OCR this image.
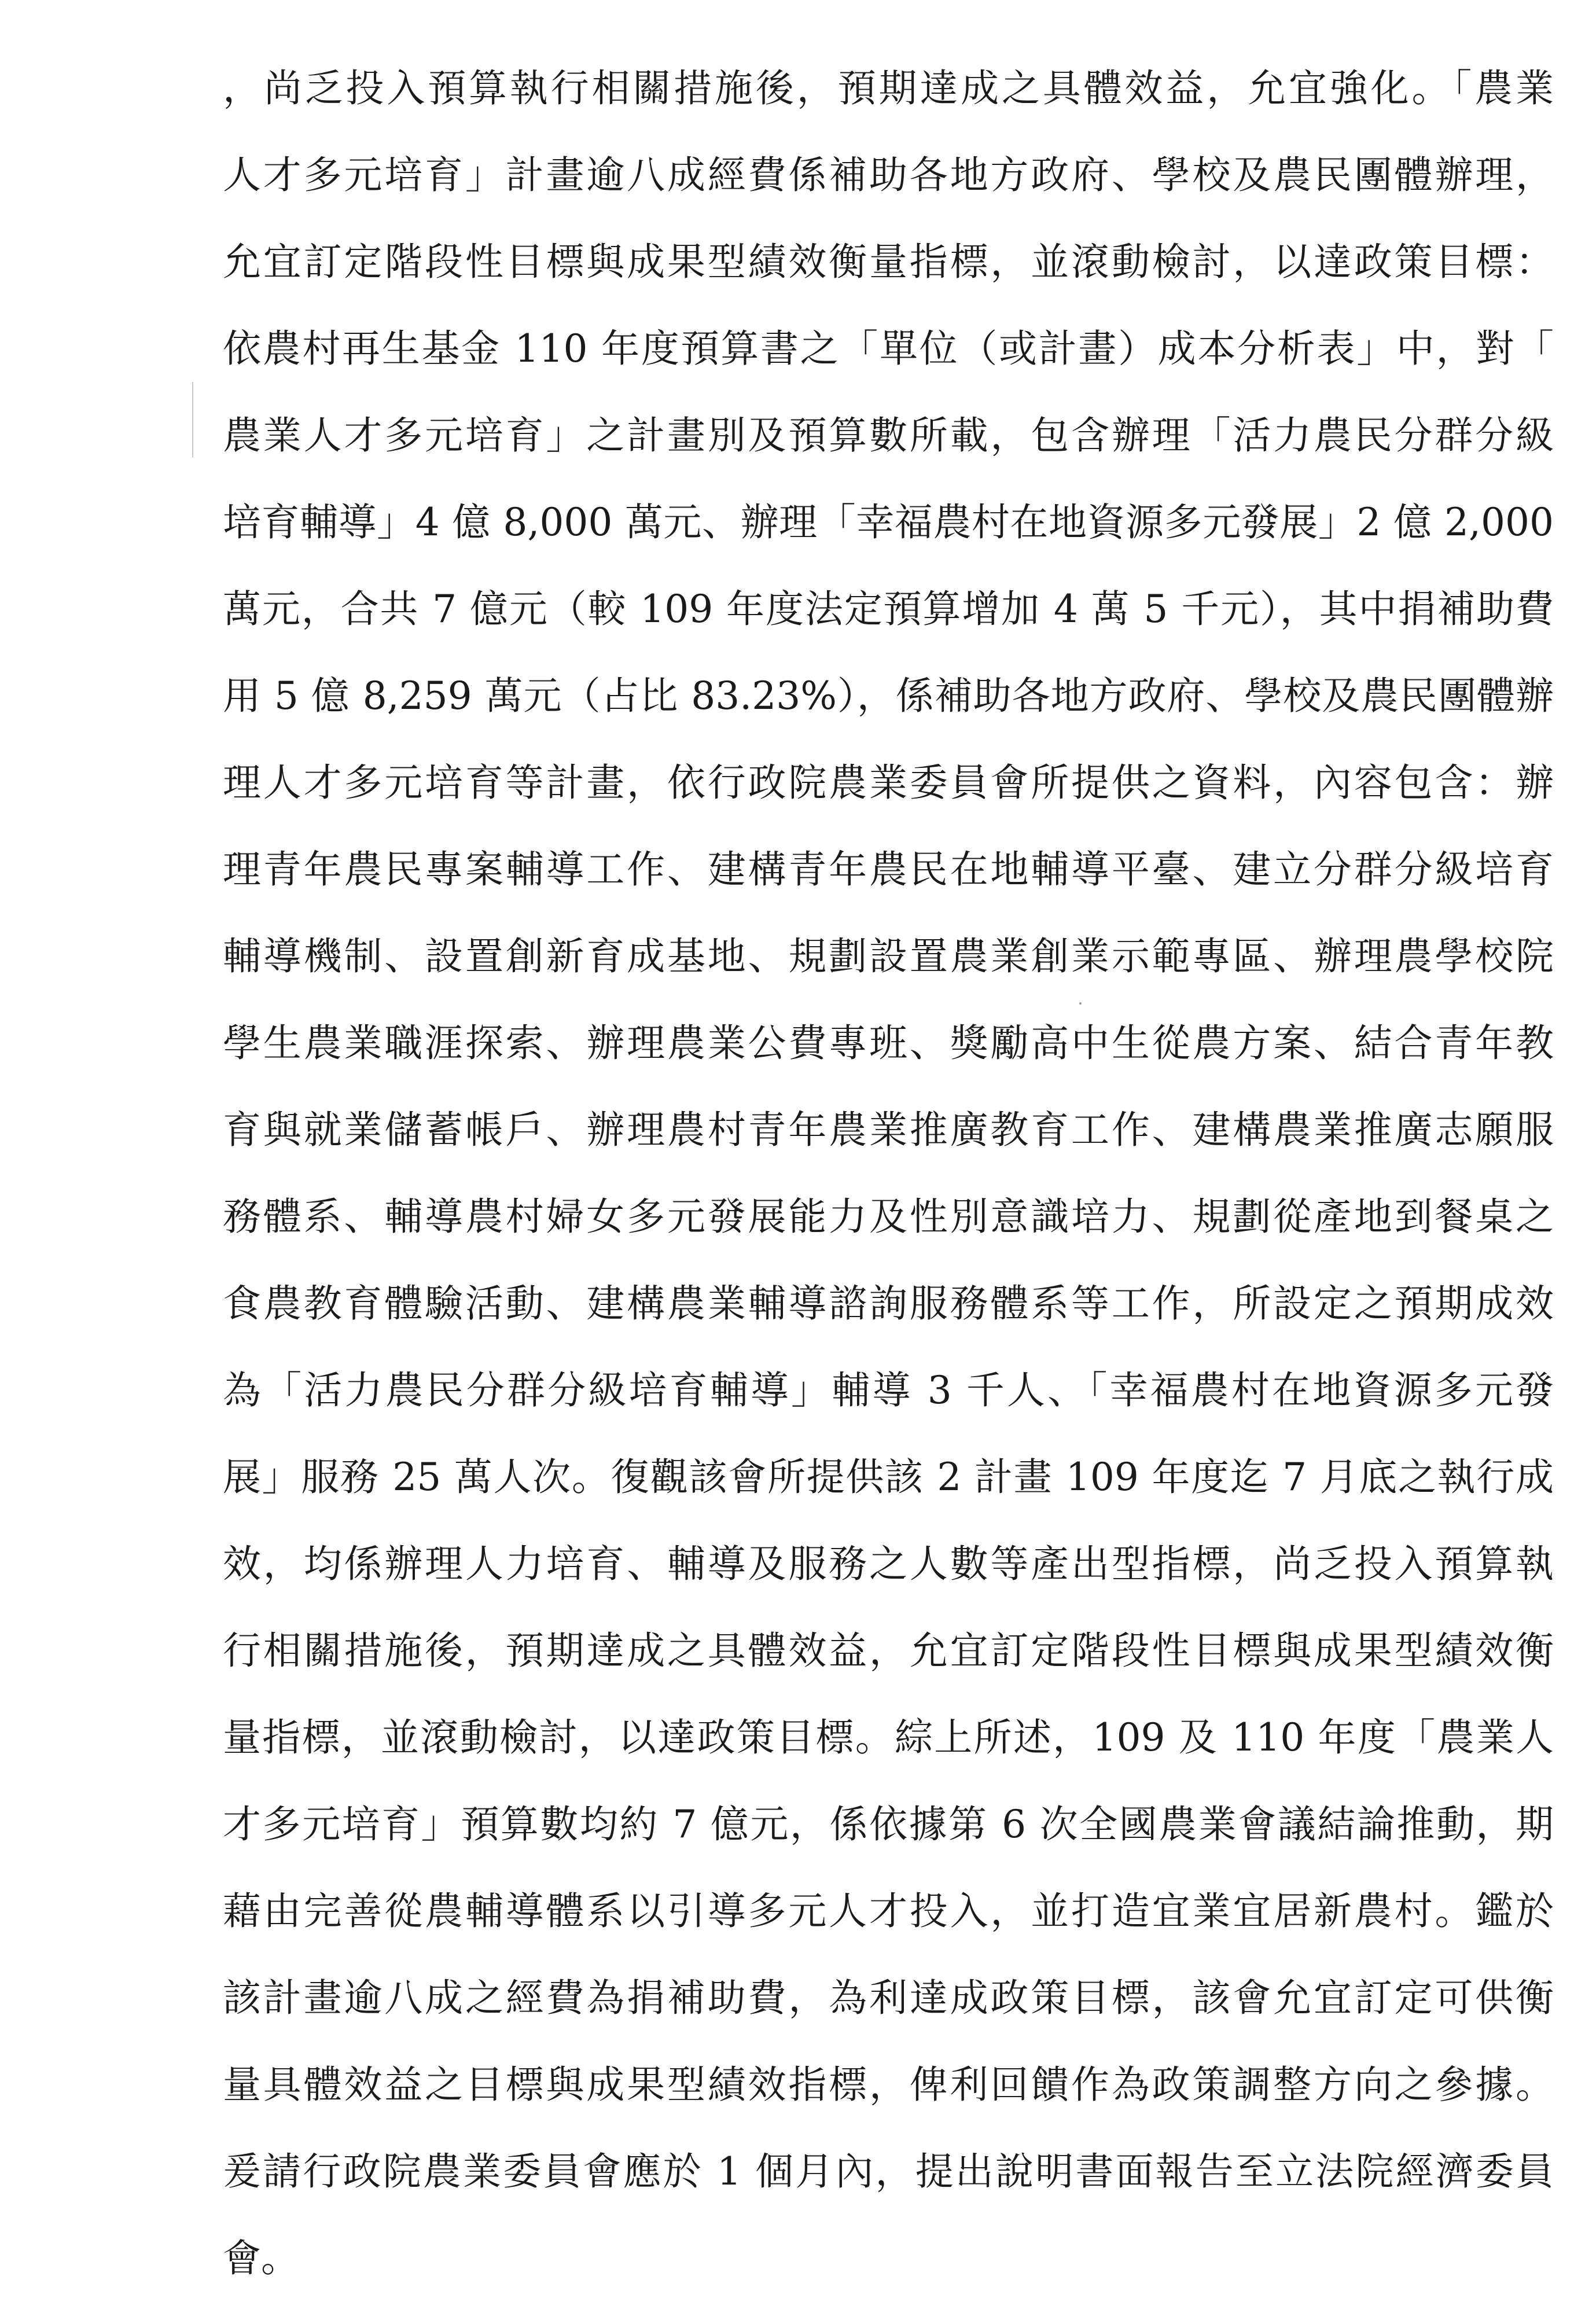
，尚乏投入預算執行相關措施後，預期達成之具體效益，允宜強化。「農業
人才多元培育」計畫逾八成經費係補助各地方政府、學校及農民團體辦理，
允宜訂定階段性目標與成果型績效衡量指標，並滾動檢討，以達政策目標：
依農村再生基金 110 年度預算書之「單位（或計畫）成本分析表」中，對「
農業人才多元培育」之計畫別及預算數所載，包含辦理「活力農民分群分級
培育輔導」4 億 8,000 萬元、辦理「幸福農村在地資源多元發展」2 億 2,000
萬元，合共 7 億元（較 109 年度法定預算增加 4 萬 5 千元），其中捐補助費
用 5 億 8,259 萬元（占比 83.23%），係補助各地方政府、學校及農民團體辦
理人才多元培育等計畫，依行政院農業委員會所提供之資料，內容包含：辦
理青年農民專案輔導工作、建構青年農民在地輔導平臺、建立分群分級培育
輔導機制、設置創新育成基地、規劃設置農業創業示範專區、辦理農學校院
學生農業職涯探索、辦理農業公費專班、獎勵高中生從農方案、結合青年教
育與就業儲蓄帳戶、辦理農村青年農業推廣教育工作、建構農業推廣志願服
務體系、輔導農村婦女多元發展能力及性別意識培力、規劃從產地到餐桌之
食農教育體驗活動、建構農業輔導諮詢服務體系等工作，所設定之預期成效
為「活力農民分群分級培育輔導」輔導 3 千人、「幸福農村在地資源多元發
展」服務 25 萬人次。復觀該會所提供該 2 計畫 109 年度迄 7 月底之執行成
效，均係辦理人力培育、輔導及服務之人數等產出型指標，尚乏投入預算執
行相關措施後，預期達成之具體效益，允宜訂定階段性目標與成果型績效衡
量指標，並滾動檢討，以達政策目標。綜上所述，109 及 110 年度「農業人
才多元培育」預算數均約 7 億元，係依據第 6 次全國農業會議結論推動，期
藉由完善從農輔導體系以引導多元人才投入，並打造宜業宜居新農村。鑑於
該計畫逾八成之經費為捐補助費，為利達成政策目標，該會允宜訂定可供衡
量具體效益之目標與成果型績效指標，俾利回饋作為政策調整方向之參據。
爰請行政院農業委員會應於 1 個月內，提出說明書面報告至立法院經濟委員
會。
